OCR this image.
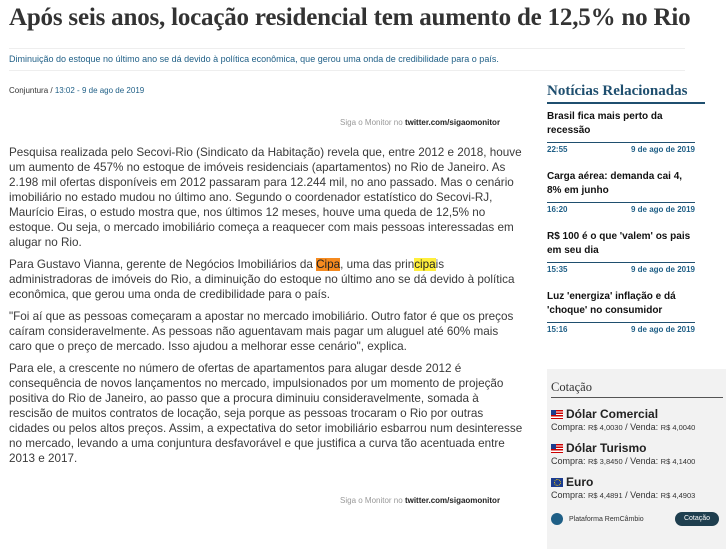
Após seis anos, locação residencial tem aumento de 12,5% no Rio
Diminuição do estoque no último ano se dá devido à política econômica, que gerou uma onda de credibilidade para o país.
Conjuntura / 13:02 - 9 de ago de 2019
Siga o Monitor no twitter.com/sigaomonitor

Pesquisa realizada pelo Secovi-Rio (Sindicato da Habitação) revela que, entre 2012 e 2018, houve um aumento de 457% no estoque de imóveis residenciais (apartamentos) no Rio de Janeiro. As 2.198 mil ofertas disponíveis em 2012 passaram para 12.244 mil, no ano passado. Mas o cenário imobiliário no estado mudou no último ano. Segundo o coordenador estatístico do Secovi-RJ, Maurício Eiras, o estudo mostra que, nos últimos 12 meses, houve uma queda de 12,5% no estoque. Ou seja, o mercado imobiliário começa a reaquecer com mais pessoas interessadas em alugar no Rio.

Para Gustavo Vianna, gerente de Negócios Imobiliários da Cipa, uma das principais administradoras de imóveis do Rio, a diminuição do estoque no último ano se dá devido à política econômica, que gerou uma onda de credibilidade para o país.

"Foi aí que as pessoas começaram a apostar no mercado imobiliário. Outro fator é que os preços caíram consideravelmente. As pessoas não aguentavam mais pagar um aluguel até 60% mais caro que o preço de mercado. Isso ajudou a melhorar esse cenário", explica.

Para ele, a crescente no número de ofertas de apartamentos para alugar desde 2012 é consequência de novos lançamentos no mercado, impulsionados por um momento de projeção positiva do Rio de Janeiro, ao passo que a procura diminuiu consideravelmente, somada à rescisão de muitos contratos de locação, seja porque as pessoas trocaram o Rio por outras cidades ou pelos altos preços. Assim, a expectativa do setor imobiliário esbarrou num desinteresse no mercado, levando a uma conjuntura desfavorável e que justifica a curva tão acentuada entre 2013 e 2017.

Siga o Monitor no twitter.com/sigaomonitor
Notícias Relacionadas
Brasil fica mais perto da recessão
22:55	9 de ago de 2019
Carga aérea: demanda cai 4, 8% em junho
16:20	9 de ago de 2019
R$ 100 é o que 'valem' os pais em seu dia
15:35	9 de ago de 2019
Luz 'energiza' inflação e dá 'choque' no consumidor
15:16	9 de ago de 2019
Cotação
Dólar Comercial
Compra: R$ 4,0030 / Venda: R$ 4,0040
Dólar Turismo
Compra: R$ 3,8450 / Venda: R$ 4,1400
Euro
Compra: R$ 4,4891 / Venda: R$ 4,4903
Plataforma RemCâmbio	Cotação
